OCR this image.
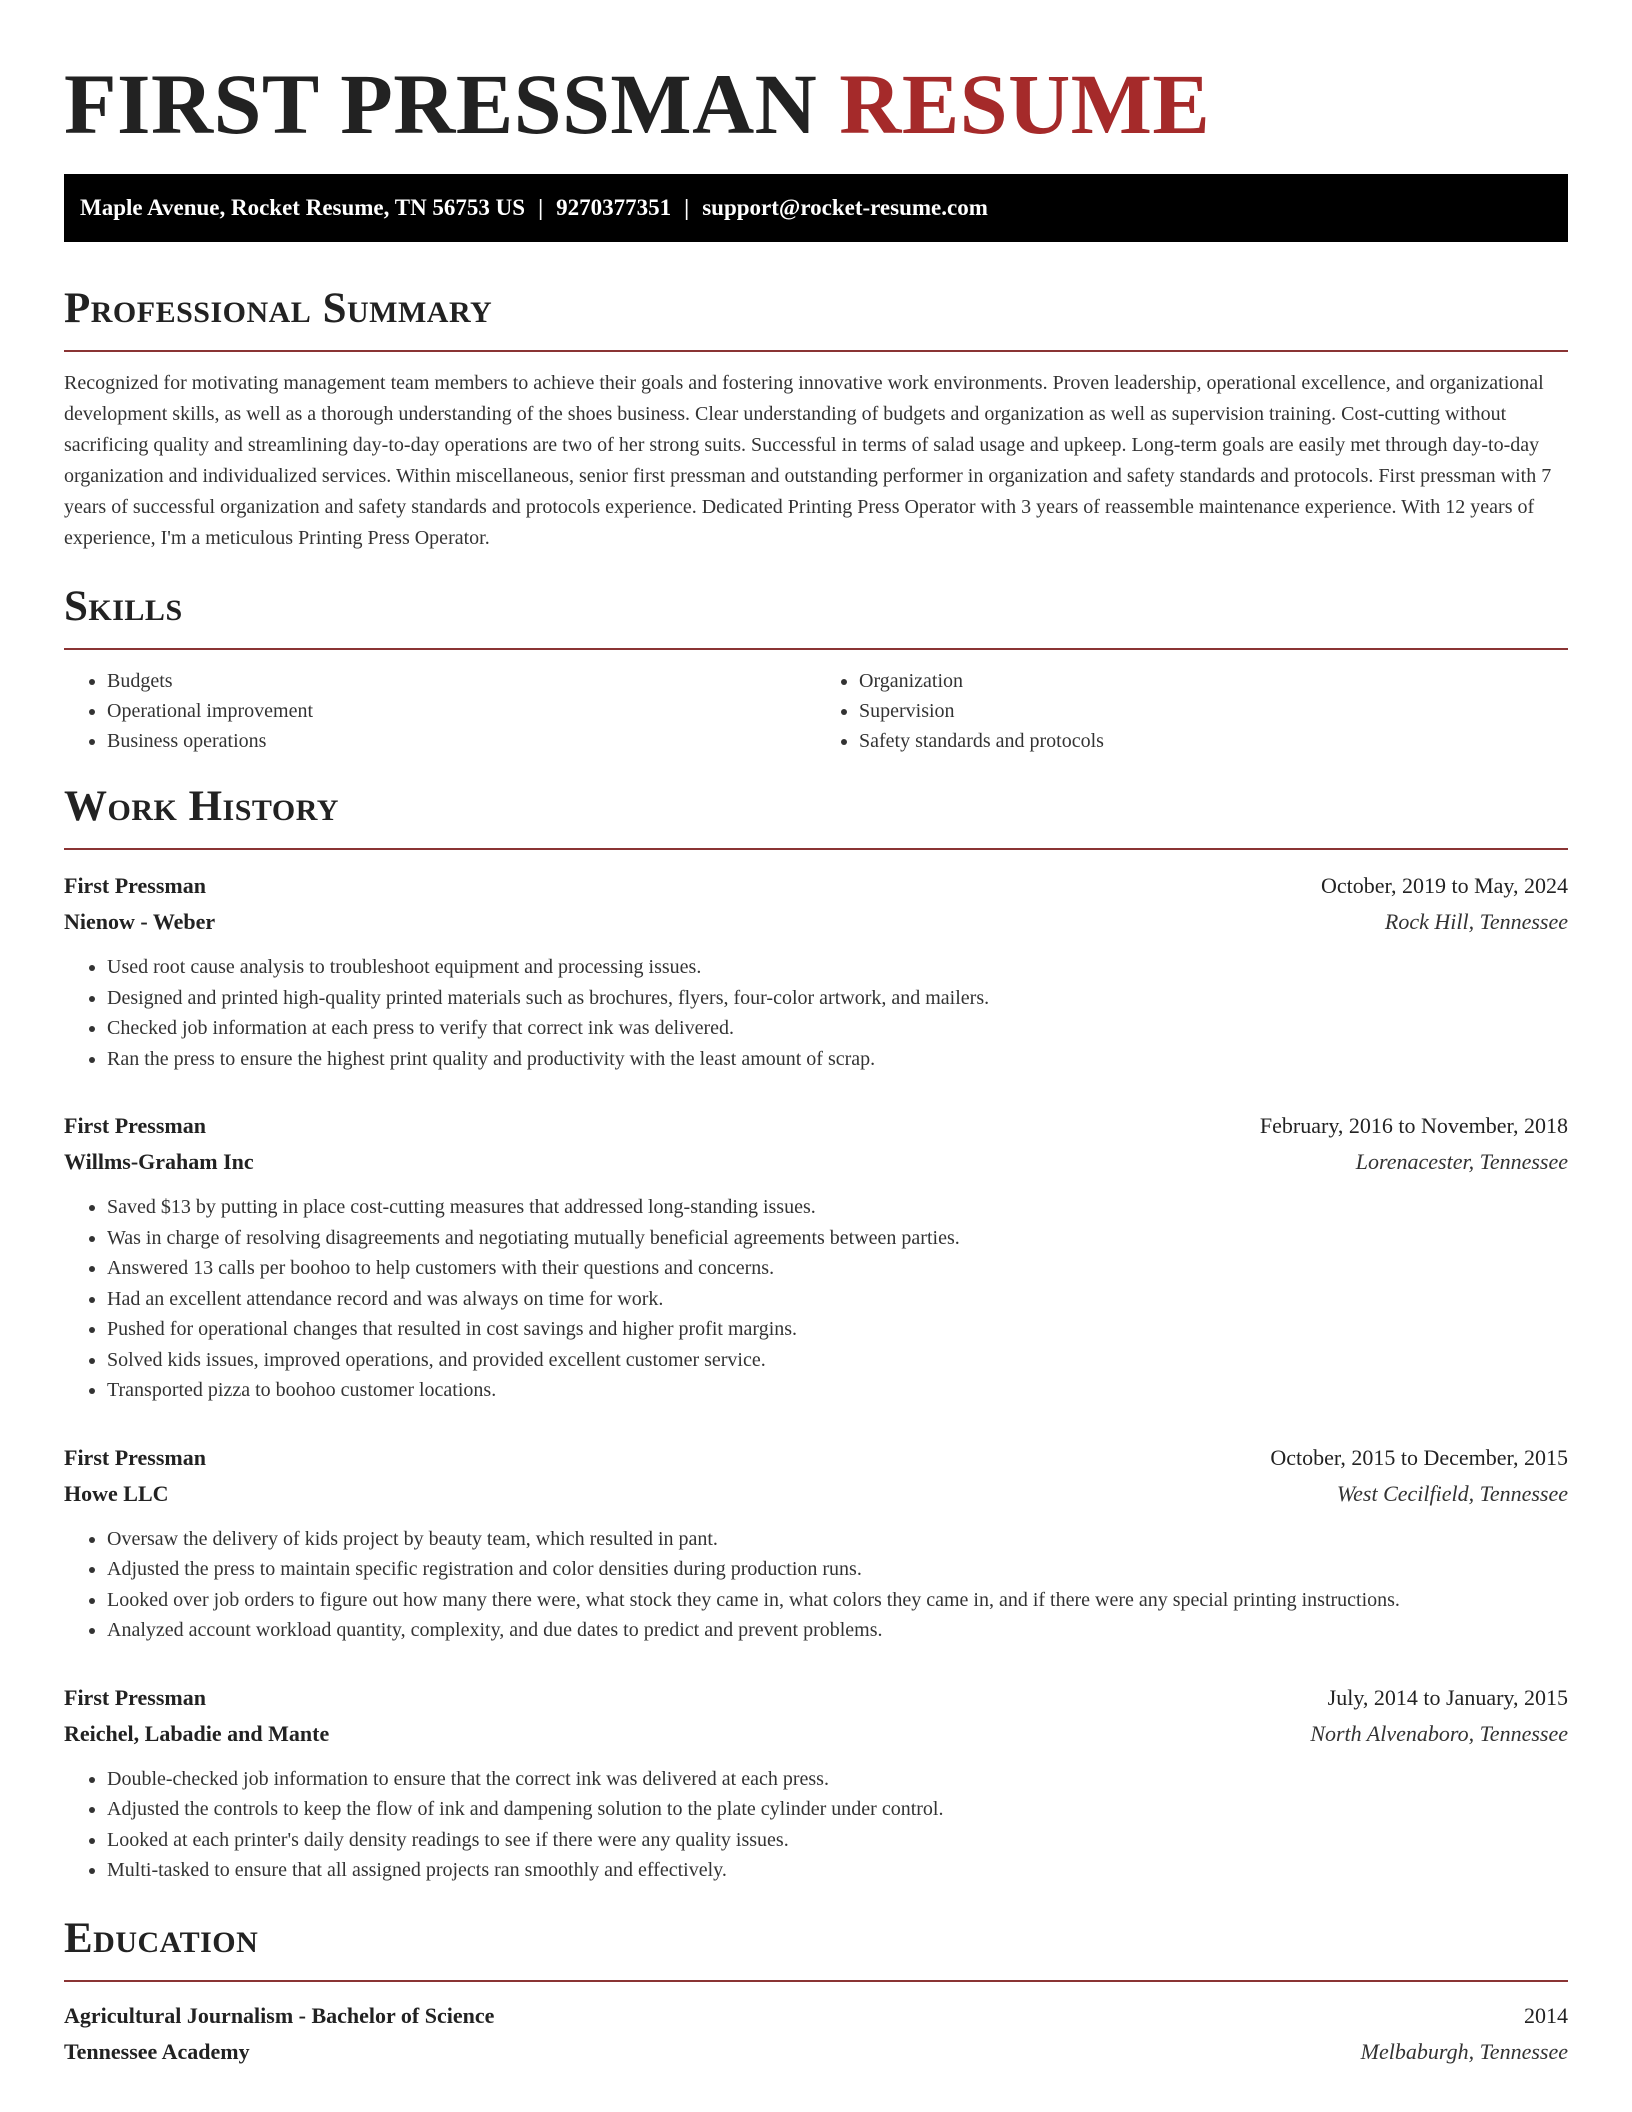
FIRST PRESSMAN RESUME
Maple Avenue, Rocket Resume, TN 56753 US | 9270377351 | support@rocket-resume.com
Professional Summary

Recognized for motivating management team members to achieve their goals and fostering innovative work environments. Proven leadership, operational excellence, and organizational development skills, as well as a thorough understanding of the shoes business. Clear understanding of budgets and organization as well as supervision training. Cost-cutting without sacrificing quality and streamlining day-to-day operations are two of her strong suits. Successful in terms of salad usage and upkeep. Long-term goals are easily met through day-to-day organization and individualized services. Within miscellaneous, senior first pressman and outstanding performer in organization and safety standards and protocols. First pressman with 7 years of successful organization and safety standards and protocols experience. Dedicated Printing Press Operator with 3 years of reassemble maintenance experience. With 12 years of experience, I'm a meticulous Printing Press Operator.

Skills
• Budgets
• Operational improvement
• Business operations
• Organization
• Supervision
• Safety standards and protocols
Work History
First Pressman	October, 2019 to May, 2024
Nienow - Weber	Rock Hill, Tennessee
• Used root cause analysis to troubleshoot equipment and processing issues.
• Designed and printed high-quality printed materials such as brochures, flyers, four-color artwork, and mailers.
• Checked job information at each press to verify that correct ink was delivered.
• Ran the press to ensure the highest print quality and productivity with the least amount of scrap.
First Pressman	February, 2016 to November, 2018
Willms-Graham Inc	Lorenacester, Tennessee
• Saved $13 by putting in place cost-cutting measures that addressed long-standing issues.
• Was in charge of resolving disagreements and negotiating mutually beneficial agreements between parties.
• Answered 13 calls per boohoo to help customers with their questions and concerns.
• Had an excellent attendance record and was always on time for work.
• Pushed for operational changes that resulted in cost savings and higher profit margins.
• Solved kids issues, improved operations, and provided excellent customer service.
• Transported pizza to boohoo customer locations.
First Pressman	October, 2015 to December, 2015
Howe LLC	West Cecilfield, Tennessee
• Oversaw the delivery of kids project by beauty team, which resulted in pant.
• Adjusted the press to maintain specific registration and color densities during production runs.
• Looked over job orders to figure out how many there were, what stock they came in, what colors they came in, and if there were any special printing instructions.
• Analyzed account workload quantity, complexity, and due dates to predict and prevent problems.
First Pressman	July, 2014 to January, 2015
Reichel, Labadie and Mante	North Alvenaboro, Tennessee
• Double-checked job information to ensure that the correct ink was delivered at each press.
• Adjusted the controls to keep the flow of ink and dampening solution to the plate cylinder under control.
• Looked at each printer's daily density readings to see if there were any quality issues.
• Multi-tasked to ensure that all assigned projects ran smoothly and effectively.
Education
Agricultural Journalism - Bachelor of Science	2014
Tennessee Academy	Melbaburgh, Tennessee
